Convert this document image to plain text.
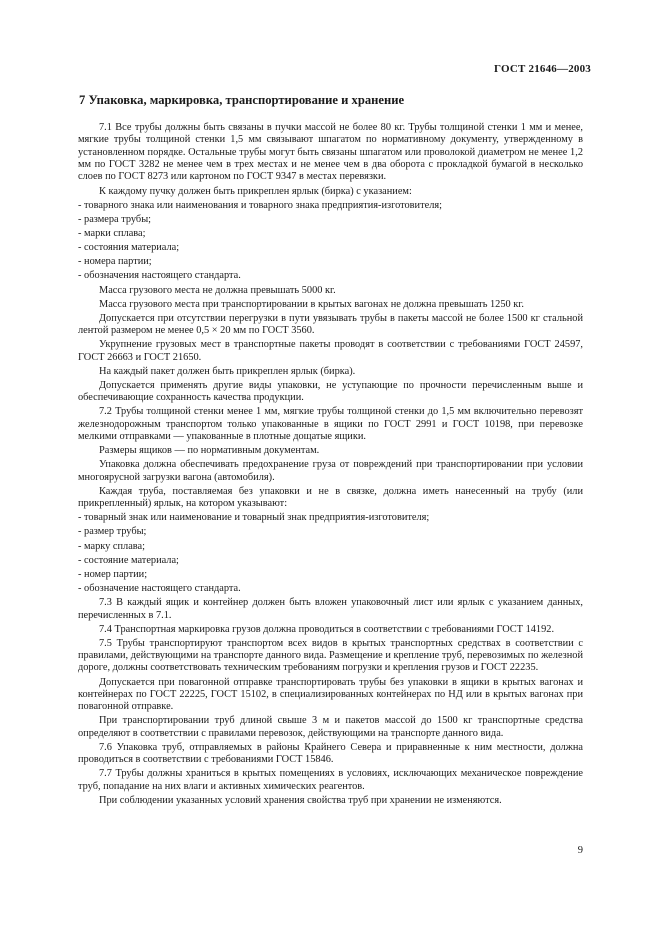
ГОСТ 21646—2003
7 Упаковка, маркировка, транспортирование и хранение
7.1 Все трубы должны быть связаны в пучки массой не более 80 кг. Трубы толщиной стенки 1 мм и менее, мягкие трубы толщиной стенки 1,5 мм связывают шпагатом по нормативному документу, утвержденному в установленном порядке. Остальные трубы могут быть связаны шпагатом или проволокой диаметром не менее 1,2 мм по ГОСТ 3282 не менее чем в трех местах и не менее чем в два оборота с прокладкой бумагой в несколько слоев по ГОСТ 8273 или картоном по ГОСТ 9347 в местах перевязки.
К каждому пучку должен быть прикреплен ярлык (бирка) с указанием:
- товарного знака или наименования и товарного знака предприятия-изготовителя;
- размера трубы;
- марки сплава;
- состояния материала;
- номера партии;
- обозначения настоящего стандарта.
Масса грузового места не должна превышать 5000 кг.
Масса грузового места при транспортировании в крытых вагонах не должна превышать 1250 кг.
Допускается при отсутствии перегрузки в пути увязывать трубы в пакеты массой не более 1500 кг стальной лентой размером не менее 0,5 × 20 мм по ГОСТ 3560.
Укрупнение грузовых мест в транспортные пакеты проводят в соответствии с требованиями ГОСТ 24597, ГОСТ 26663 и ГОСТ 21650.
На каждый пакет должен быть прикреплен ярлык (бирка).
Допускается применять другие виды упаковки, не уступающие по прочности перечисленным выше и обеспечивающие сохранность качества продукции.
7.2 Трубы толщиной стенки менее 1 мм, мягкие трубы толщиной стенки до 1,5 мм включительно перевозят железнодорожным транспортом только упакованные в ящики по ГОСТ 2991 и ГОСТ 10198, при перевозке мелкими отправками — упакованные в плотные дощатые ящики.
Размеры ящиков — по нормативным документам.
Упаковка должна обеспечивать предохранение груза от повреждений при транспортировании при условии многоярусной загрузки вагона (автомобиля).
Каждая труба, поставляемая без упаковки и не в связке, должна иметь нанесенный на трубу (или прикрепленный) ярлык, на котором указывают:
- товарный знак или наименование и товарный знак предприятия-изготовителя;
- размер трубы;
- марку сплава;
- состояние материала;
- номер партии;
- обозначение настоящего стандарта.
7.3 В каждый ящик и контейнер должен быть вложен упаковочный лист или ярлык с указанием данных, перечисленных в 7.1.
7.4 Транспортная маркировка грузов должна проводиться в соответствии с требованиями ГОСТ 14192.
7.5 Трубы транспортируют транспортом всех видов в крытых транспортных средствах в соответствии с правилами, действующими на транспорте данного вида. Размещение и крепление труб, перевозимых по железной дороге, должны соответствовать техническим требованиям погрузки и крепления грузов и ГОСТ 22235.
Допускается при повагонной отправке транспортировать трубы без упаковки в ящики в крытых вагонах и контейнерах по ГОСТ 22225, ГОСТ 15102, в специализированных контейнерах по НД или в крытых вагонах при повагонной отправке.
При транспортировании труб длиной свыше 3 м и пакетов массой до 1500 кг транспортные средства определяют в соответствии с правилами перевозок, действующими на транспорте данного вида.
7.6 Упаковка труб, отправляемых в районы Крайнего Севера и приравненные к ним местности, должна проводиться в соответствии с требованиями ГОСТ 15846.
7.7 Трубы должны храниться в крытых помещениях в условиях, исключающих механическое повреждение труб, попадание на них влаги и активных химических реагентов.
При соблюдении указанных условий хранения свойства труб при хранении не изменяются.
9
